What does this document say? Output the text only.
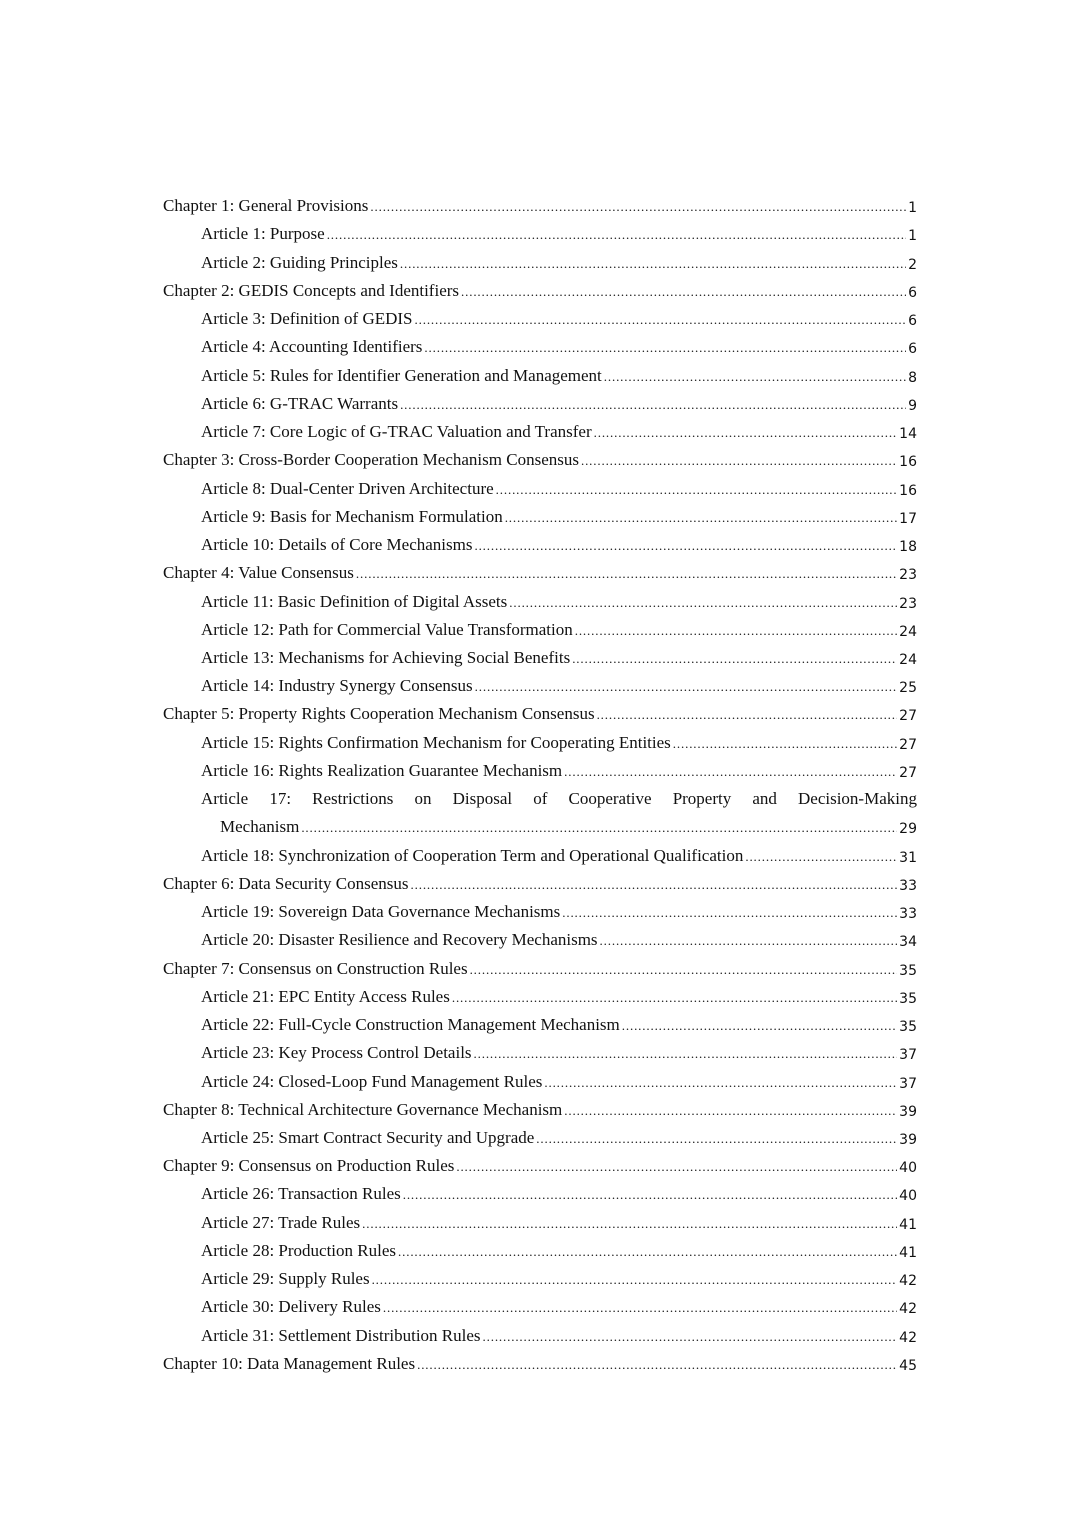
Chapter 1: General Provisions . . .	1
Article 1: Purpose . . .	1
Article 2: Guiding Principles . . .	2
Chapter 2: GEDIS Concepts and Identifiers . . .	6
Article 3: Definition of GEDIS . . .	6
Article 4: Accounting Identifiers . . .	6
Article 5: Rules for Identifier Generation and Management . . .	8
Article 6: G-TRAC Warrants . . .	9
Article 7: Core Logic of G-TRAC Valuation and Transfer . . .	14
Chapter 3: Cross-Border Cooperation Mechanism Consensus . . .	16
Article 8: Dual-Center Driven Architecture . . .	16
Article 9: Basis for Mechanism Formulation . . .	17
Article 10: Details of Core Mechanisms . . .	18
Chapter 4: Value Consensus . . .	23
Article 11: Basic Definition of Digital Assets . . .	23
Article 12: Path for Commercial Value Transformation . . .	24
Article 13: Mechanisms for Achieving Social Benefits . . .	24
Article 14: Industry Synergy Consensus . . .	25
Chapter 5: Property Rights Cooperation Mechanism Consensus . . .	27
Article 15: Rights Confirmation Mechanism for Cooperating Entities . . .	27
Article 16: Rights Realization Guarantee Mechanism . . .	27
Article 17: Restrictions on Disposal of Cooperative Property and Decision-Making
Mechanism . . .	29
Article 18: Synchronization of Cooperation Term and Operational Qualification . . .	31
Chapter 6: Data Security Consensus . . .	33
Article 19: Sovereign Data Governance Mechanisms . . .	33
Article 20: Disaster Resilience and Recovery Mechanisms . . .	34
Chapter 7: Consensus on Construction Rules . . .	35
Article 21: EPC Entity Access Rules . . .	35
Article 22: Full-Cycle Construction Management Mechanism . . .	35
Article 23: Key Process Control Details . . .	37
Article 24: Closed-Loop Fund Management Rules . . .	37
Chapter 8: Technical Architecture Governance Mechanism . . .	39
Article 25: Smart Contract Security and Upgrade . . .	39
Chapter 9: Consensus on Production Rules . . .	40
Article 26: Transaction Rules . . .	40
Article 27: Trade Rules . . .	41
Article 28: Production Rules . . .	41
Article 29: Supply Rules . . .	42
Article 30: Delivery Rules . . .	42
Article 31: Settlement Distribution Rules . . .	42
Chapter 10: Data Management Rules . . .	45
